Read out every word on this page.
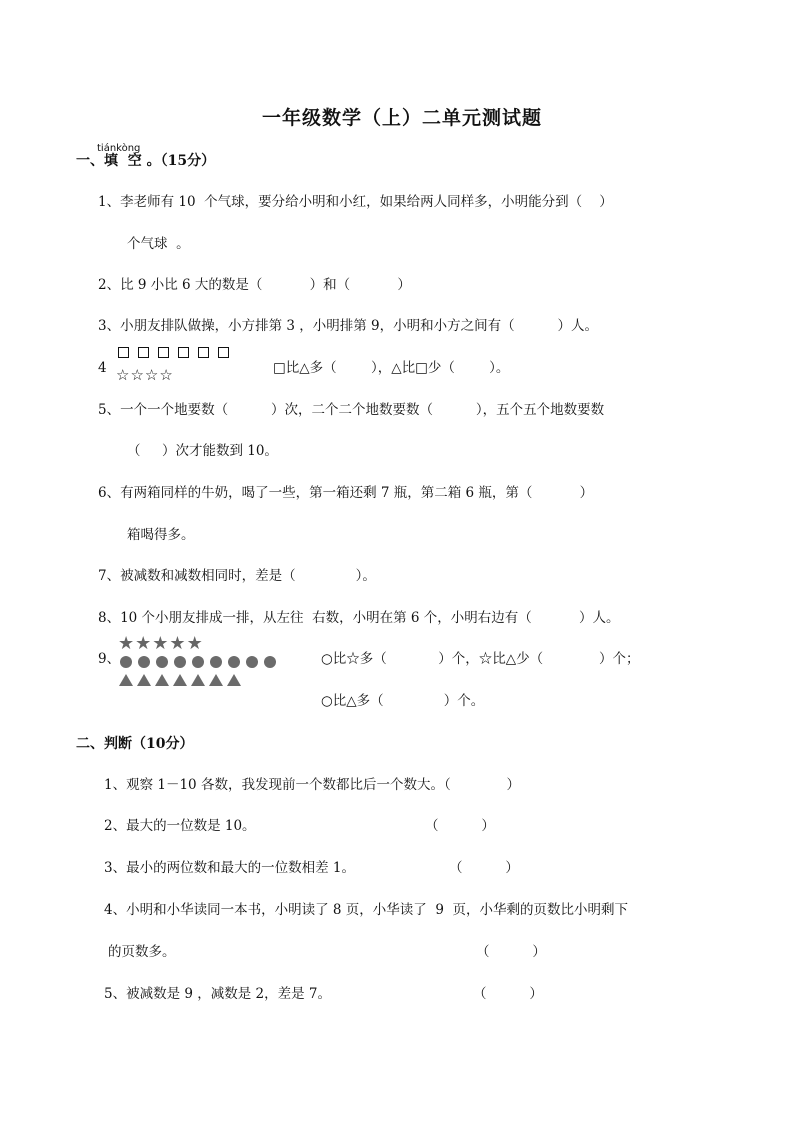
一年级数学（上）二单元测试题
tiánkòng
一、填  空 。（15分）
1、李老师有 10  个气球，要分给小明和小红，如果给两人同样多，小明能分到（    ）
个气球  。
2、比 9 小比 6 大的数是（           ）和（           ）
3、小朋友排队做操，小方排第 3 ，小明排第 9，小明和小方之间有（          ）人。
4 ☆☆☆☆	□比△多（        ），△比□少（        ）。
5、一个一个地要数（          ）次，二个二个地数要数（          ），五个五个地数要数
（     ）次才能数到 10。
6、有两箱同样的牛奶，喝了一些，第一箱还剩 7 瓶，第二箱 6 瓶，第（           ）
箱喝得多。
7、被减数和减数相同时，差是（              ）。
8、10 个小朋友排成一排，从左往  右数，小明在第 6 个，小明右边有（           ）人。
9、
★ ★ ★ ★ ★
○比☆多（            ）个，☆比△少（             ）个；
○比△多（              ）个。
二、判断（10分）
1、观察 1－10 各数，我发现前一个数都比后一个数大。（             ）
2、最大的一位数是 10。	（          ）
3、最小的两位数和最大的一位数相差 1。	（          ）
4、小明和小华读同一本书，小明读了 8 页，小华读了  9  页，小华剩的页数比小明剩下
的页数多。	（          ）
5、被减数是 9 ，减数是 2，差是 7。	（          ）
